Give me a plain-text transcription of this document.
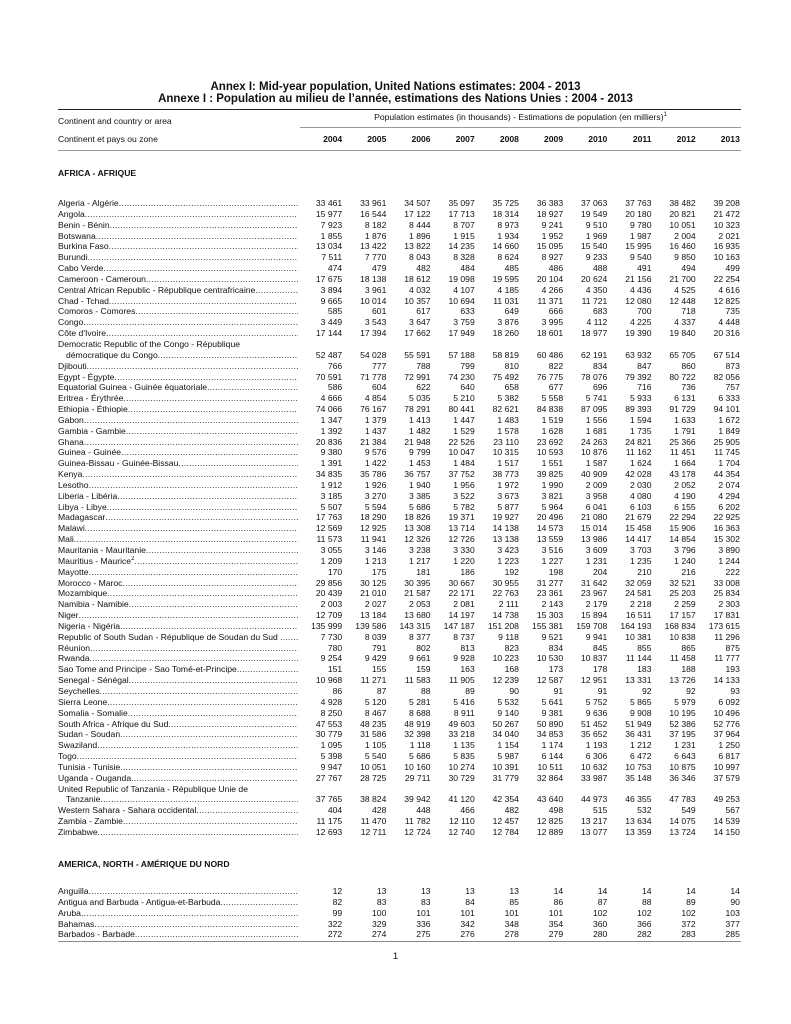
Annex I: Mid-year population, United Nations estimates: 2004 - 2013
Annexe I : Population au milieu de l’année, estimations des Nations Unies : 2004 - 2013
Continent and country or area
Continent et pays ou zone
Population estimates (in thousands) - Estimations de population (en milliers)$^1$
2004	2005	2006	2007	2008	2009	2010	2011	2012	2013
AFRICA - AFRIQUE
Algeria - Algérie .....	33 461	33 961	34 507	35 097	35 725	36 383	37 063	37 763	38 482	39 208
Angola .....	15 977	16 544	17 122	17 713	18 314	18 927	19 549	20 180	20 821	21 472
Benin - Bénin .....	7 923	8 182	8 444	8 707	8 973	9 241	9 510	9 780	10 051	10 323
Botswana .....	1 855	1 876	1 896	1 915	1 934	1 952	1 969	1 987	2 004	2 021
Burkina Faso .....	13 034	13 422	13 822	14 235	14 660	15 095	15 540	15 995	16 460	16 935
Burundi .....	7 511	7 770	8 043	8 328	8 624	8 927	9 233	9 540	9 850	10 163
Cabo Verde .....	474	479	482	484	485	486	488	491	494	499
Cameroon - Cameroun .....	17 675	18 138	18 612	19 098	19 595	20 104	20 624	21 156	21 700	22 254
Central African Republic - République centrafricaine .....	3 894	3 961	4 032	4 107	4 185	4 266	4 350	4 436	4 525	4 616
Chad - Tchad .....	9 665	10 014	10 357	10 694	11 031	11 371	11 721	12 080	12 448	12 825
Comoros - Comores .....	585	601	617	633	649	666	683	700	718	735
Congo .....	3 449	3 543	3 647	3 759	3 876	3 995	4 112	4 225	4 337	4 448
Côte d'Ivoire .....	17 144	17 394	17 662	17 949	18 260	18 601	18 977	19 390	19 840	20 316
Democratic Republic of the Congo - République
démocratique du Congo .....	52 487	54 028	55 591	57 188	58 819	60 486	62 191	63 932	65 705	67 514
Djibouti .....	766	777	788	799	810	822	834	847	860	873
Egypt - Égypte .....	70 591	71 778	72 991	74 230	75 492	76 775	78 076	79 392	80 722	82 056
Equatorial Guinea - Guinée équatoriale .....	586	604	622	640	658	677	696	716	736	757
Eritrea - Érythrée .....	4 666	4 854	5 035	5 210	5 382	5 558	5 741	5 933	6 131	6 333
Ethiopia - Éthiopie .....	74 066	76 167	78 291	80 441	82 621	84 838	87 095	89 393	91 729	94 101
Gabon .....	1 347	1 379	1 413	1 447	1 483	1 519	1 556	1 594	1 633	1 672
Gambia - Gambie .....	1 392	1 437	1 482	1 529	1 578	1 628	1 681	1 735	1 791	1 849
Ghana .....	20 836	21 384	21 948	22 526	23 110	23 692	24 263	24 821	25 366	25 905
Guinea - Guinée .....	9 380	9 576	9 799	10 047	10 315	10 593	10 876	11 162	11 451	11 745
Guinea-Bissau - Guinée-Bissau .....	1 391	1 422	1 453	1 484	1 517	1 551	1 587	1 624	1 664	1 704
Kenya .....	34 835	35 786	36 757	37 752	38 773	39 825	40 909	42 028	43 178	44 354
Lesotho .....	1 912	1 926	1 940	1 956	1 972	1 990	2 009	2 030	2 052	2 074
Liberia - Libéria .....	3 185	3 270	3 385	3 522	3 673	3 821	3 958	4 080	4 190	4 294
Libya - Libye .....	5 507	5 594	5 686	5 782	5 877	5 964	6 041	6 103	6 155	6 202
Madagascar .....	17 763	18 290	18 826	19 371	19 927	20 496	21 080	21 679	22 294	22 925
Malawi .....	12 569	12 925	13 308	13 714	14 138	14 573	15 014	15 458	15 906	16 363
Mali .....	11 573	11 941	12 326	12 726	13 138	13 559	13 986	14 417	14 854	15 302
Mauritania - Mauritanie .....	3 055	3 146	3 238	3 330	3 423	3 516	3 609	3 703	3 796	3 890
Mauritius - Maurice$^2$ .....	1 209	1 213	1 217	1 220	1 223	1 227	1 231	1 235	1 240	1 244
Mayotte .....	170	175	181	186	192	198	204	210	216	222
Morocco - Maroc .....	29 856	30 125	30 395	30 667	30 955	31 277	31 642	32 059	32 521	33 008
Mozambique .....	20 439	21 010	21 587	22 171	22 763	23 361	23 967	24 581	25 203	25 834
Namibia - Namibie .....	2 003	2 027	2 053	2 081	2 111	2 143	2 179	2 218	2 259	2 303
Niger .....	12 709	13 184	13 680	14 197	14 738	15 303	15 894	16 511	17 157	17 831
Nigeria - Nigéria .....	135 999	139 586	143 315	147 187	151 208	155 381	159 708	164 193	168 834	173 615
Republic of South Sudan - République de Soudan du Sud . .....	7 730	8 039	8 377	8 737	9 118	9 521	9 941	10 381	10 838	11 296
Réunion .....	780	791	802	813	823	834	845	855	865	875
Rwanda .....	9 254	9 429	9 661	9 928	10 223	10 530	10 837	11 144	11 458	11 777
Sao Tome and Principe - Sao Tomé-et-Principe .....	151	155	159	163	168	173	178	183	188	193
Senegal - Sénégal .....	10 968	11 271	11 583	11 905	12 239	12 587	12 951	13 331	13 726	14 133
Seychelles .....	86	87	88	89	90	91	91	92	92	93
Sierra Leone .....	4 928	5 120	5 281	5 416	5 532	5 641	5 752	5 865	5 979	6 092
Somalia - Somalie .....	8 250	8 467	8 688	8 911	9 140	9 381	9 636	9 908	10 195	10 496
South Africa - Afrique du Sud .....	47 553	48 235	48 919	49 603	50 267	50 890	51 452	51 949	52 386	52 776
Sudan - Soudan .....	30 779	31 586	32 398	33 218	34 040	34 853	35 652	36 431	37 195	37 964
Swaziland .....	1 095	1 105	1 118	1 135	1 154	1 174	1 193	1 212	1 231	1 250
Togo .....	5 398	5 540	5 686	5 835	5 987	6 144	6 306	6 472	6 643	6 817
Tunisia - Tunisie .....	9 947	10 051	10 160	10 274	10 391	10 511	10 632	10 753	10 875	10 997
Uganda - Ouganda .....	27 767	28 725	29 711	30 729	31 779	32 864	33 987	35 148	36 346	37 579
United Republic of Tanzania - République Unie de
Tanzanie .....	37 765	38 824	39 942	41 120	42 354	43 640	44 973	46 355	47 783	49 253
Western Sahara - Sahara occidental .....	404	428	448	466	482	498	515	532	549	567
Zambia - Zambie .....	11 175	11 470	11 782	12 110	12 457	12 825	13 217	13 634	14 075	14 539
Zimbabwe .....	12 693	12 711	12 724	12 740	12 784	12 889	13 077	13 359	13 724	14 150
AMERICA, NORTH - AMÉRIQUE DU NORD
Anguilla .....	12	13	13	13	13	14	14	14	14	14
Antigua and Barbuda - Antigua-et-Barbuda .....	82	83	83	84	85	86	87	88	89	90
Aruba .....	99	100	101	101	101	101	102	102	102	103
Bahamas .....	322	329	336	342	348	354	360	366	372	377
Barbados - Barbade .....	272	274	275	276	278	279	280	282	283	285
1
